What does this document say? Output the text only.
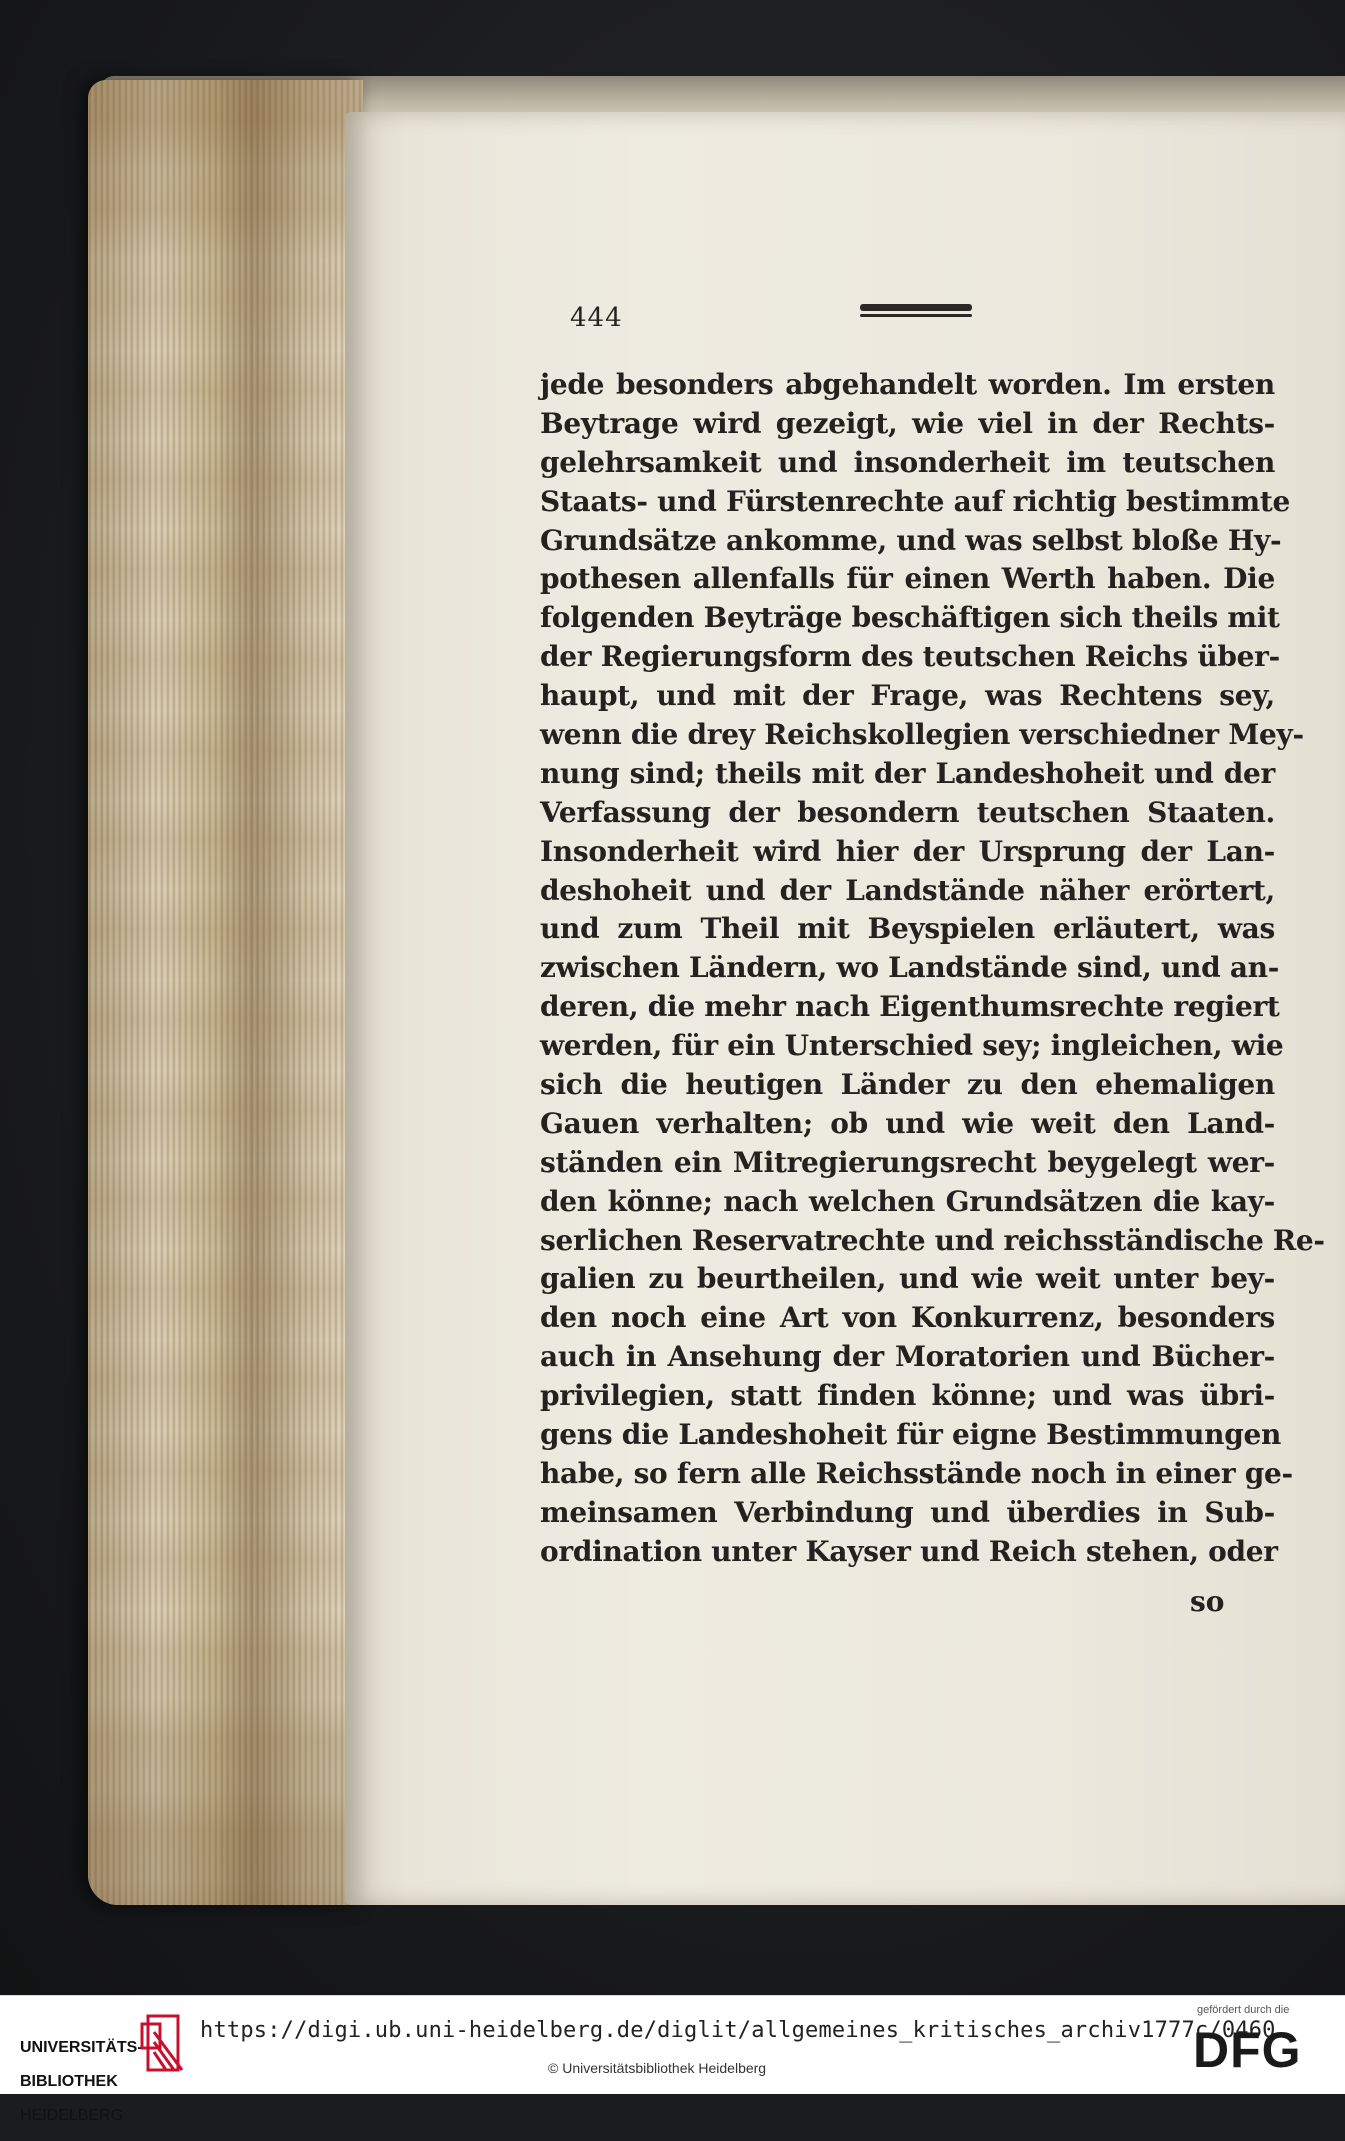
444
jede besonders abgehandelt worden. Im ersten
Beytrage wird gezeigt, wie viel in der Rechts-
gelehrsamkeit und insonderheit im teutschen
Staats- und Fürstenrechte auf richtig bestimmte
Grundsätze ankomme, und was selbst bloße Hy-
pothesen allenfalls für einen Werth haben. Die
folgenden Beyträge beschäftigen sich theils mit
der Regierungsform des teutschen Reichs über-
haupt, und mit der Frage, was Rechtens sey,
wenn die drey Reichskollegien verschiedner Mey-
nung sind; theils mit der Landeshoheit und der
Verfassung der besondern teutschen Staaten.
Insonderheit wird hier der Ursprung der Lan-
deshoheit und der Landstände näher erörtert,
und zum Theil mit Beyspielen erläutert, was
zwischen Ländern, wo Landstände sind, und an-
deren, die mehr nach Eigenthumsrechte regiert
werden, für ein Unterschied sey; ingleichen, wie
sich die heutigen Länder zu den ehemaligen
Gauen verhalten; ob und wie weit den Land-
ständen ein Mitregierungsrecht beygelegt wer-
den könne; nach welchen Grundsätzen die kay-
serlichen Reservatrechte und reichsständische Re-
galien zu beurtheilen, und wie weit unter bey-
den noch eine Art von Konkurrenz, besonders
auch in Ansehung der Moratorien und Bücher-
privilegien, statt finden könne; und was übri-
gens die Landeshoheit für eigne Bestimmungen
habe, so fern alle Reichsstände noch in einer ge-
meinsamen Verbindung und überdies in Sub-
ordination unter Kayser und Reich stehen, oder
so

UNIVERSITÄTS-

BIBLIOTHEK

HEIDELBERG

https://digi.ub.uni-heidelberg.de/diglit/allgemeines_kritisches_archiv1777c/0460
© Universitätsbibliothek Heidelberg
gefördert durch die
DFG
